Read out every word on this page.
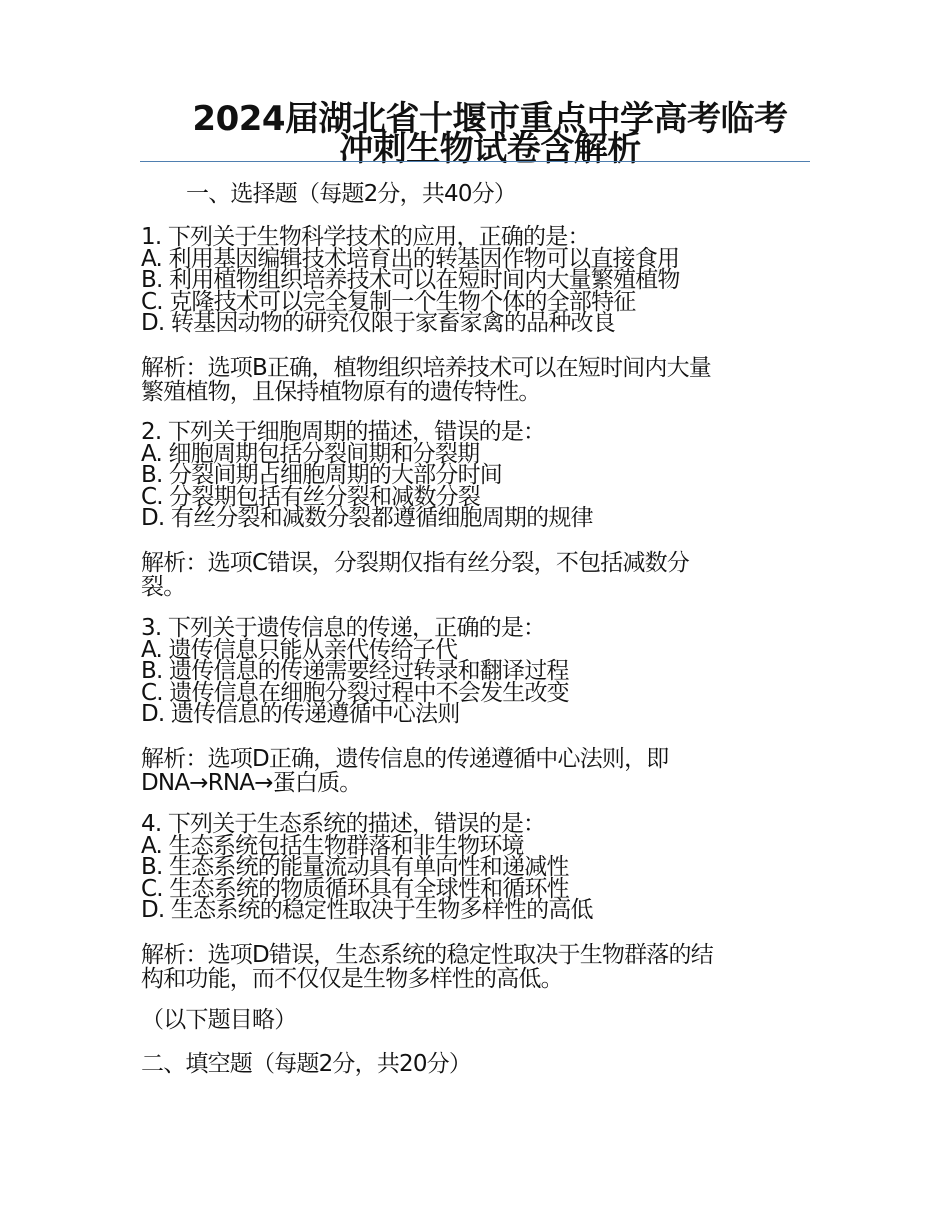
2024届湖北省十堰市重点中学高考临考
冲刺生物试卷含解析
一、选择题（每题2分，共40分）
1. 下列关于生物科学技术的应用，正确的是：
A. 利用基因编辑技术培育出的转基因作物可以直接食用
B. 利用植物组织培养技术可以在短时间内大量繁殖植物
C. 克隆技术可以完全复制一个生物个体的全部特征
D. 转基因动物的研究仅限于家畜家禽的品种改良
解析：选项B正确，植物组织培养技术可以在短时间内大量
繁殖植物，且保持植物原有的遗传特性。
2. 下列关于细胞周期的描述，错误的是：
A. 细胞周期包括分裂间期和分裂期
B. 分裂间期占细胞周期的大部分时间
C. 分裂期包括有丝分裂和减数分裂
D. 有丝分裂和减数分裂都遵循细胞周期的规律
解析：选项C错误，分裂期仅指有丝分裂，不包括减数分
裂。
3. 下列关于遗传信息的传递，正确的是：
A. 遗传信息只能从亲代传给子代
B. 遗传信息的传递需要经过转录和翻译过程
C. 遗传信息在细胞分裂过程中不会发生改变
D. 遗传信息的传递遵循中心法则
解析：选项D正确，遗传信息的传递遵循中心法则，即
DNA→RNA→蛋白质。
4. 下列关于生态系统的描述，错误的是：
A. 生态系统包括生物群落和非生物环境
B. 生态系统的能量流动具有单向性和递减性
C. 生态系统的物质循环具有全球性和循环性
D. 生态系统的稳定性取决于生物多样性的高低
解析：选项D错误，生态系统的稳定性取决于生物群落的结
构和功能，而不仅仅是生物多样性的高低。
（以下题目略）
二、填空题（每题2分，共20分）
